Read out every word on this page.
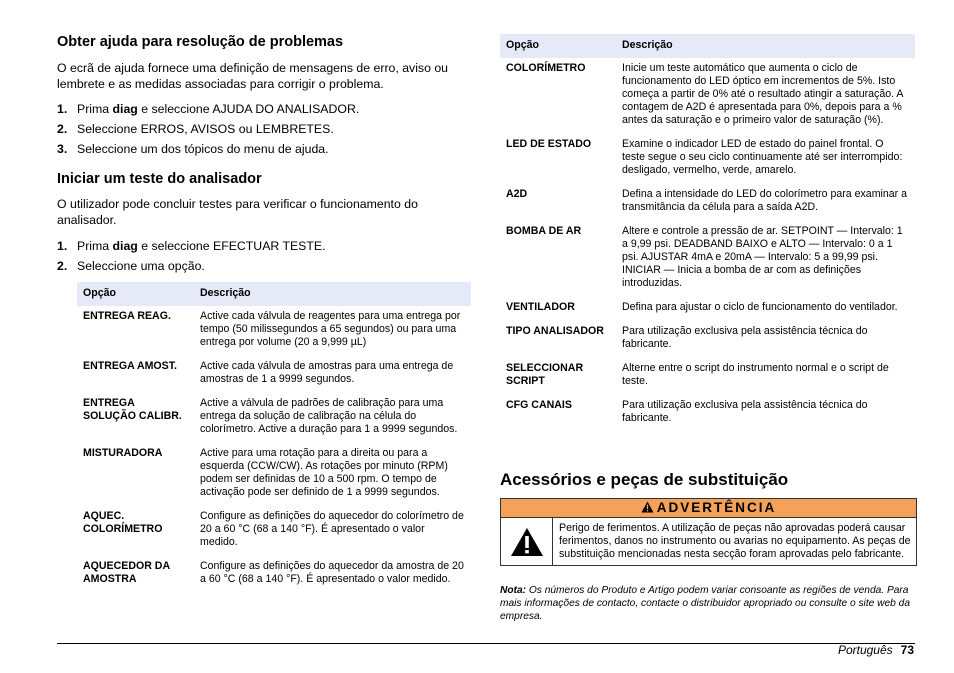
Obter ajuda para resolução de problemas

O ecrã de ajuda fornece uma definição de mensagens de erro, aviso ou lembrete e as medidas associadas para corrigir o problema.

1. Prima diag e seleccione AJUDA DO ANALISADOR.
2. Seleccione ERROS, AVISOS ou LEMBRETES.
3. Seleccione um dos tópicos do menu de ajuda.
Iniciar um teste do analisador

O utilizador pode concluir testes para verificar o funcionamento do analisador.

1. Prima diag e seleccione EFECTUAR TESTE.
2. Seleccione uma opção.
Opção	Descrição
ENTREGA REAG.	Active cada válvula de reagentes para uma entrega por tempo (50 milissegundos a 65 segundos) ou para uma entrega por volume (20 a 9,999 µL)
ENTREGA AMOST.	Active cada válvula de amostras para uma entrega de amostras de 1 a 9999 segundos.
ENTREGA SOLUÇÃO CALIBR.	Active a válvula de padrões de calibração para uma entrega da solução de calibração na célula do colorímetro. Active a duração para 1 a 9999 segundos.
MISTURADORA	Active para uma rotação para a direita ou para a esquerda (CCW/CW). As rotações por minuto (RPM) podem ser definidas de 10 a 500 rpm. O tempo de activação pode ser definido de 1 a 9999 segundos.
AQUEC. COLORÍMETRO	Configure as definições do aquecedor do colorímetro de 20 a 60 °C (68 a 140 °F). É apresentado o valor medido.
AQUECEDOR DA AMOSTRA	Configure as definições do aquecedor da amostra de 20 a 60 °C (68 a 140 °F). É apresentado o valor medido.
Opção	Descrição
COLORÍMETRO	Inicie um teste automático que aumenta o ciclo de funcionamento do LED óptico em incrementos de 5%. Isto começa a partir de 0% até o resultado atingir a saturação. A contagem de A2D é apresentada para 0%, depois para a % antes da saturação e o primeiro valor de saturação (%).
LED DE ESTADO	Examine o indicador LED de estado do painel frontal. O teste segue o seu ciclo continuamente até ser interrompido: desligado, vermelho, verde, amarelo.
A2D	Defina a intensidade do LED do colorímetro para examinar a transmitância da célula para a saída A2D.
BOMBA DE AR	Altere e controle a pressão de ar. SETPOINT — Intervalo: 1 a 9,99 psi. DEADBAND BAIXO e ALTO — Intervalo: 0 a 1 psi. AJUSTAR 4mA e 20mA — Intervalo: 5 a 99,99 psi. INICIAR — Inicia a bomba de ar com as definições introduzidas.
VENTILADOR	Defina para ajustar o ciclo de funcionamento do ventilador.
TIPO ANALISADOR	Para utilização exclusiva pela assistência técnica do fabricante.
SELECCIONAR SCRIPT	Alterne entre o script do instrumento normal e o script de teste.
CFG CANAIS	Para utilização exclusiva pela assistência técnica do fabricante.
Acessórios e peças de substituição
ADVERTÊNCIA
Perigo de ferimentos. A utilização de peças não aprovadas poderá causar ferimentos, danos no instrumento ou avarias no equipamento. As peças de substituição mencionadas nesta secção foram aprovadas pelo fabricante.
Nota: Os números do Produto e Artigo podem variar consoante as regiões de venda. Para mais informações de contacto, contacte o distribuidor apropriado ou consulte o site web da empresa.
Português 73
